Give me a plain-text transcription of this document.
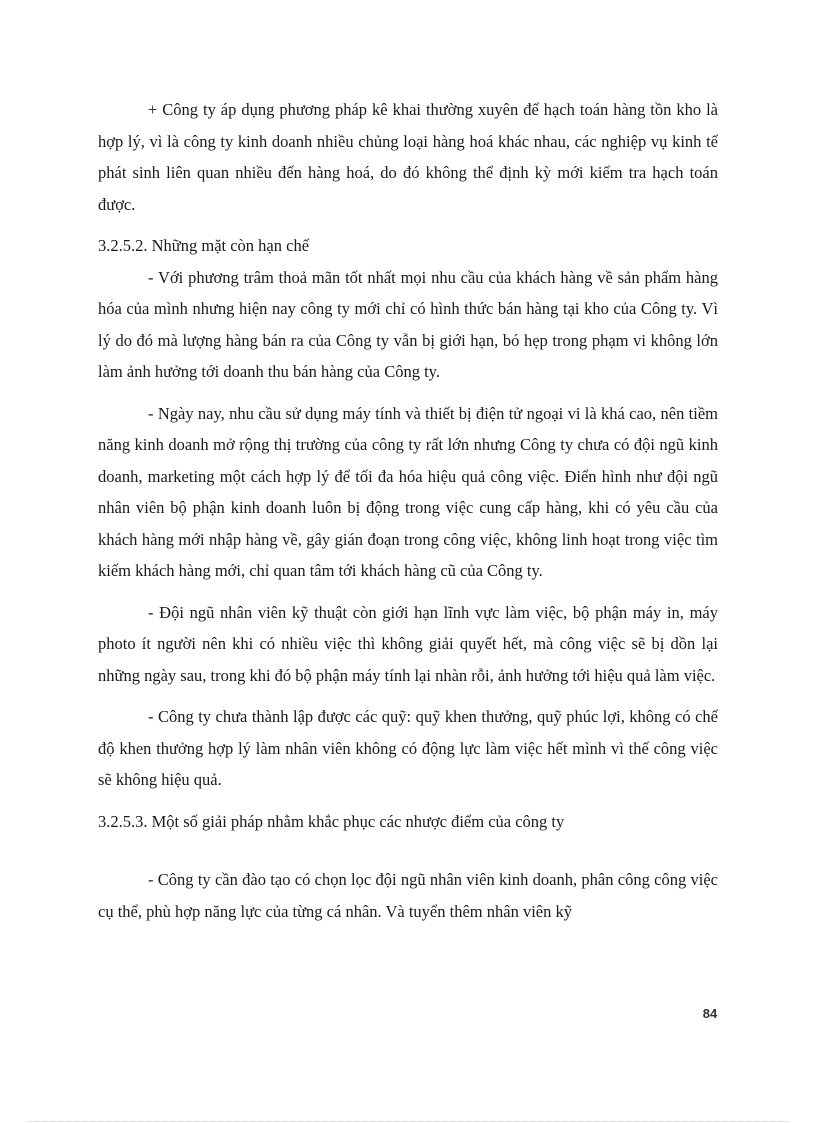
+ Công ty áp dụng phương pháp kê khai thường xuyên để hạch toán hàng tồn kho là hợp lý, vì là công ty kinh doanh nhiều chủng loại hàng hoá khác nhau, các nghiệp vụ kinh tế phát sinh liên quan nhiều đến hàng hoá, do đó không thể định kỳ mới kiểm tra hạch toán được.

3.2.5.2. Những mặt còn hạn chế

- Với phương trâm thoả mãn tốt nhất mọi nhu cầu của khách hàng về sản phẩm hàng hóa của mình nhưng hiện nay công ty mới chỉ có hình thức bán hàng tại kho của Công ty. Vì lý do đó mà lượng hàng bán ra của Công ty vẫn bị giới hạn, bó hẹp trong phạm vi không lớn làm ảnh hưởng tới doanh thu bán hàng của Công ty.

- Ngày nay, nhu cầu sử dụng máy tính và thiết bị điện tử ngoại vi là khá cao, nên tiềm năng kinh doanh mở rộng thị trường của công ty rất lớn nhưng Công ty chưa có đội ngũ kinh doanh, marketing một cách hợp lý để tối đa hóa hiệu quả công việc. Điển hình như đội ngũ nhân viên bộ phận kinh doanh luôn bị động trong việc cung cấp hàng, khi có yêu cầu của khách hàng mới nhập hàng về, gây gián đoạn trong công việc, không linh hoạt trong việc tìm kiếm khách hàng mới, chỉ quan tâm tới khách hàng cũ của Công ty.

- Đội ngũ nhân viên kỹ thuật còn giới hạn lĩnh vực làm việc, bộ phận máy in, máy photo ít người nên khi có nhiều việc thì không giải quyết hết, mà công việc sẽ bị dồn lại những ngày sau, trong khi đó bộ phận máy tính lại nhàn rỗi, ảnh hưởng tới hiệu quả làm việc.

- Công ty chưa thành lập được các quỹ: quỹ khen thưởng, quỹ phúc lợi, không có chế độ khen thưởng hợp lý làm nhân viên không có động lực làm việc hết mình vì thế công việc sẽ không hiệu quả.

3.2.5.3. Một số giải pháp nhằm khắc phục các nhược điểm của công ty

- Công ty cần đào tạo có chọn lọc đội ngũ nhân viên kinh doanh, phân công công việc cụ thể, phù hợp năng lực của từng cá nhân. Và tuyển thêm nhân viên kỹ

84
